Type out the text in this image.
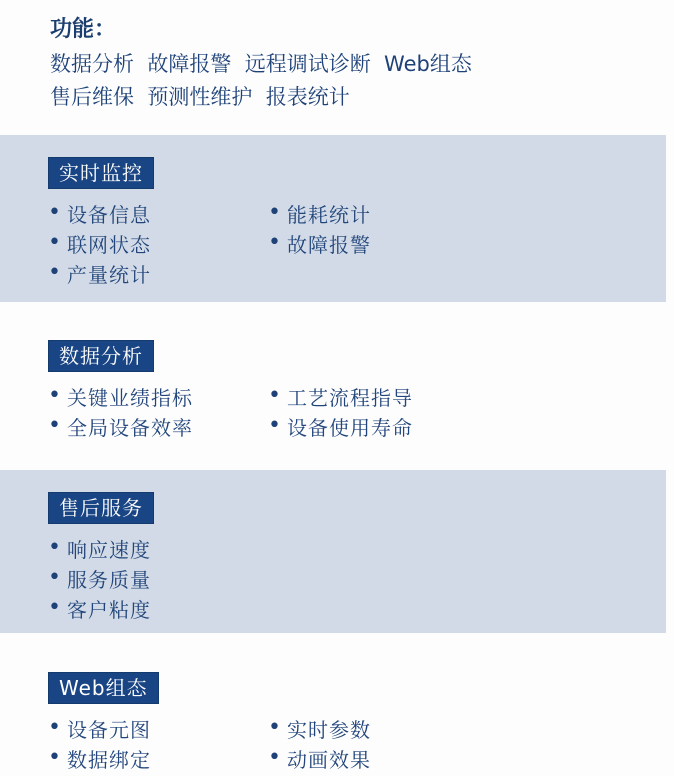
功能：
数据分析  故障报警  远程调试诊断  Web组态
售后维保  预测性维护  报表统计
实时监控
• 设备信息
• 联网状态
• 产量统计
• 能耗统计
• 故障报警
数据分析
• 关键业绩指标
• 全局设备效率
• 工艺流程指导
• 设备使用寿命
售后服务
• 响应速度
• 服务质量
• 客户粘度
Web组态
• 设备元图
• 数据绑定
• 实时参数
• 动画效果
